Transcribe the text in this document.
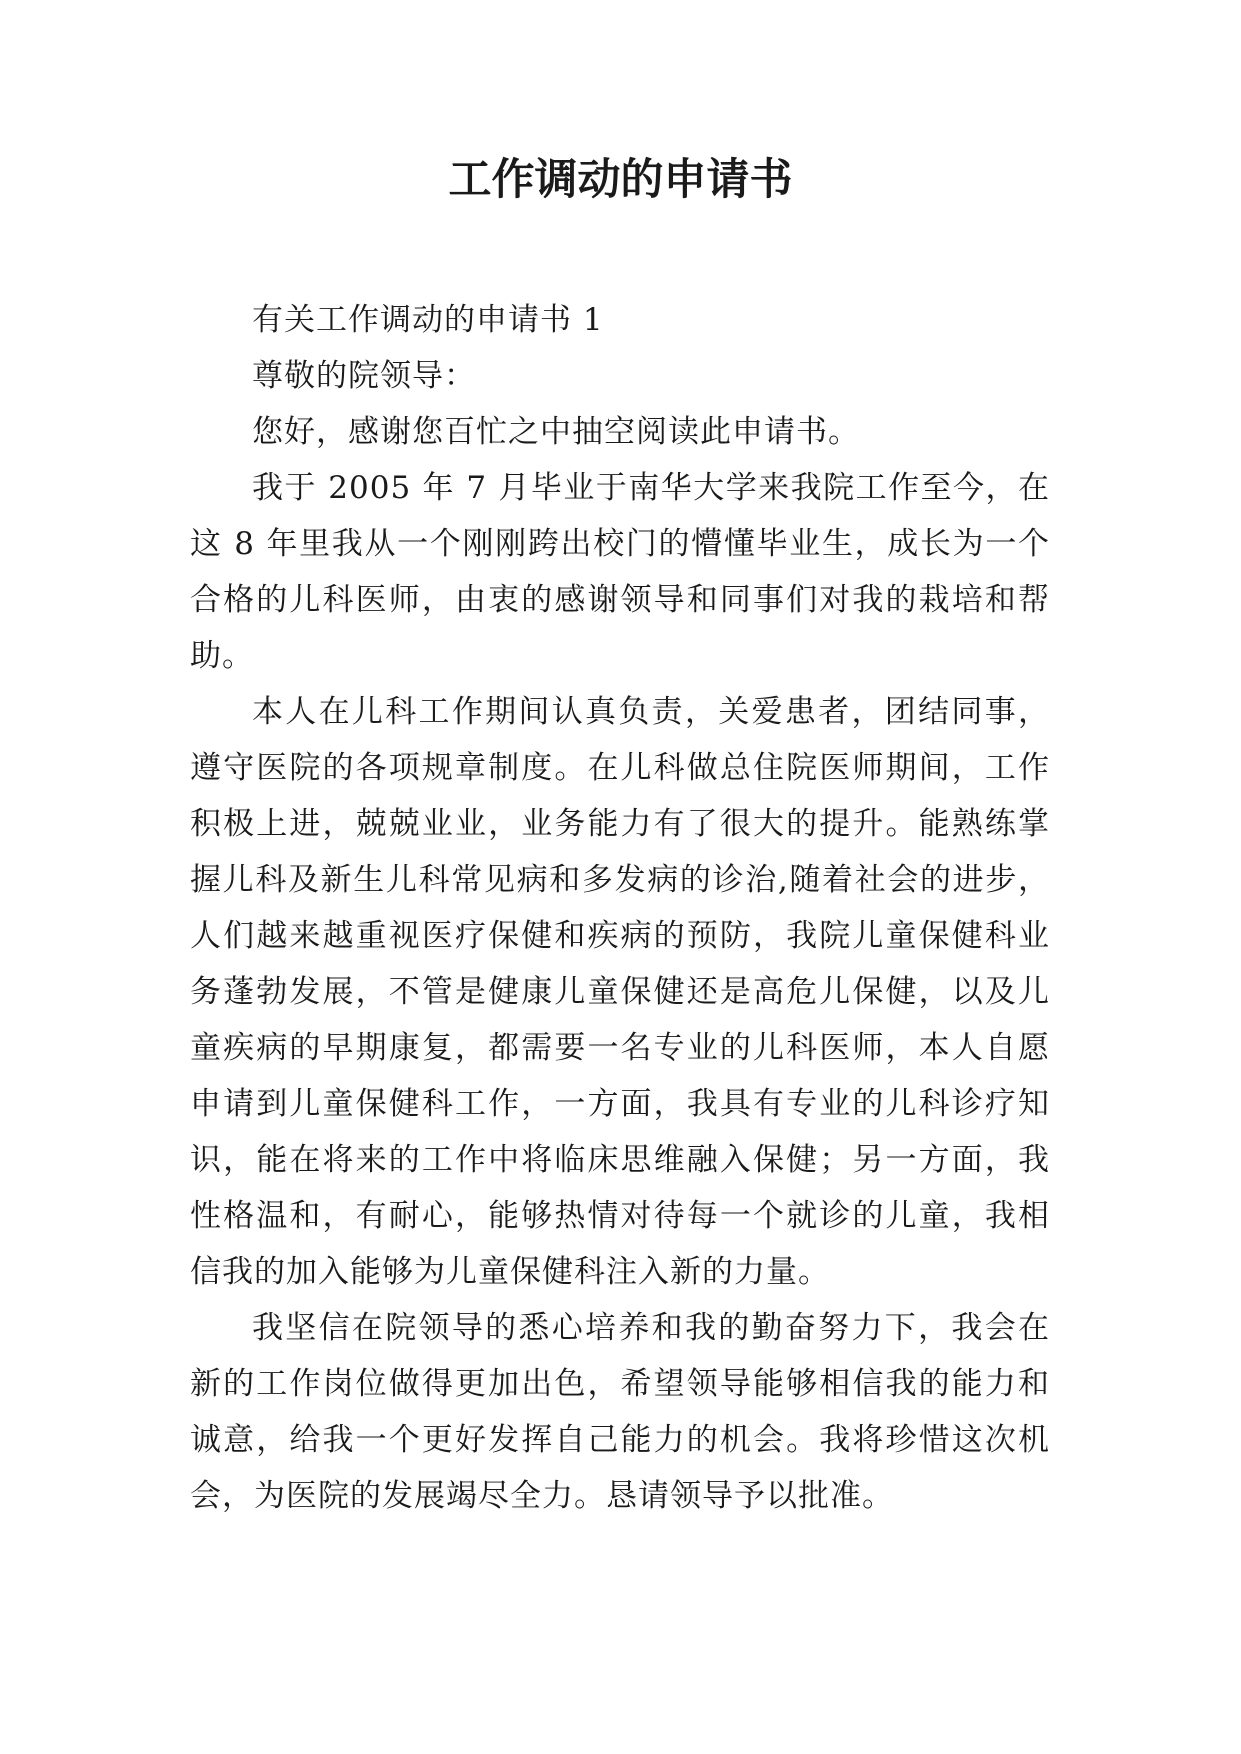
工作调动的申请书

有关工作调动的申请书 1

尊敬的院领导：

您好，感谢您百忙之中抽空阅读此申请书。

我于 2005 年 7 月毕业于南华大学来我院工作至今，在这 8 年里我从一个刚刚跨出校门的懵懂毕业生，成长为一个合格的儿科医师，由衷的感谢领导和同事们对我的栽培和帮助。

本人在儿科工作期间认真负责，关爱患者，团结同事，遵守医院的各项规章制度。在儿科做总住院医师期间，工作积极上进，兢兢业业，业务能力有了很大的提升。能熟练掌握儿科及新生儿科常见病和多发病的诊治,随着社会的进步，人们越来越重视医疗保健和疾病的预防，我院儿童保健科业务蓬勃发展，不管是健康儿童保健还是高危儿保健，以及儿童疾病的早期康复，都需要一名专业的儿科医师，本人自愿申请到儿童保健科工作，一方面，我具有专业的儿科诊疗知识，能在将来的工作中将临床思维融入保健；另一方面，我性格温和，有耐心，能够热情对待每一个就诊的儿童，我相信我的加入能够为儿童保健科注入新的力量。

我坚信在院领导的悉心培养和我的勤奋努力下，我会在新的工作岗位做得更加出色，希望领导能够相信我的能力和诚意，给我一个更好发挥自己能力的机会。我将珍惜这次机会，为医院的发展竭尽全力。恳请领导予以批准。
